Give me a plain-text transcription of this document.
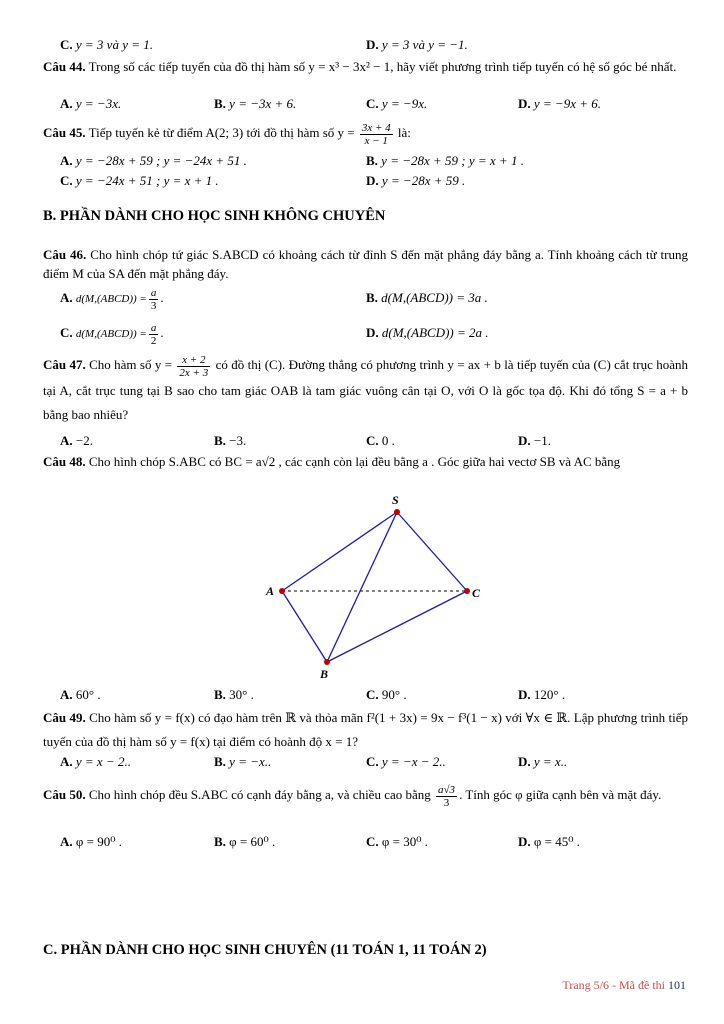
C. y = 3 và y = 1.	D. y = 3 và y = −1.
Câu 44. Trong số các tiếp tuyến của đồ thị hàm số y = x³ − 3x² − 1, hãy viết phương trình tiếp tuyến có hệ số góc bé nhất.
A. y = −3x.	B. y = −3x + 6.	C. y = −9x.	D. y = −9x + 6.
Câu 45. Tiếp tuyến kẻ từ điểm A(2; 3) tới đồ thị hàm số $y = \frac{3x + 4}{x - 1}$ là:
A. y = −28x + 59 ; y = −24x + 51 .	B. y = −28x + 59 ; y = x + 1 .
C. y = −24x + 51 ; y = x + 1 .	D. y = −28x + 59 .
B. PHẦN DÀNH CHO HỌC SINH KHÔNG CHUYÊN
Câu 46. Cho hình chóp tứ giác S.ABCD có khoảng cách từ đỉnh S đến mặt phẳng đáy bằng a. Tính khoảng cách từ trung điểm M của SA đến mặt phẳng đáy.
A. d(M,(ABCD)) = $\frac{a}{3}$ .	B. d(M,(ABCD)) = 3a .
C. d(M,(ABCD)) = $\frac{a}{2}$ .	D. d(M,(ABCD)) = 2a .
Câu 47. Cho hàm số $y = \frac{x + 2}{2x + 3}$ có đồ thị (C). Đường thẳng có phương trình y = ax + b là tiếp tuyến của (C) cắt trục hoành tại A, cắt trục tung tại B sao cho tam giác OAB là tam giác vuông cân tại O, với O là gốc tọa độ. Khi đó tổng S = a + b bằng bao nhiêu?
A. −2.	B. −3.	C. 0 .	D. −1.
Câu 48. Cho hình chóp S.ABC có BC = a√2 , các cạnh còn lại đều bằng a . Góc giữa hai vectơ SB và AC bằng
S
A	C
B
A. 60° .	B. 30° .	C. 90° .	D. 120° .
Câu 49. Cho hàm số y = f(x) có đạo hàm trên ℝ và thỏa mãn f²(1 + 3x) = 9x − f³(1 − x) với ∀x ∈ ℝ. Lập phương trình tiếp tuyến của đồ thị hàm số y = f(x) tại điểm có hoành độ x = 1?
A. y = x − 2..	B. y = −x..	C. y = −x − 2..	D. y = x..
Câu 50. Cho hình chóp đều S.ABC có cạnh đáy bằng a, và chiều cao bằng $\frac{a√3}{3}$ . Tính góc φ giữa cạnh bên và mặt đáy.
A. φ = 90⁰ .	B. φ = 60⁰ .	C. φ = 30⁰ .	D. φ = 45⁰ .
C. PHẦN DÀNH CHO HỌC SINH CHUYÊN (11 TOÁN 1, 11 TOÁN 2)
Trang 5/6 - Mã đề thi 101
